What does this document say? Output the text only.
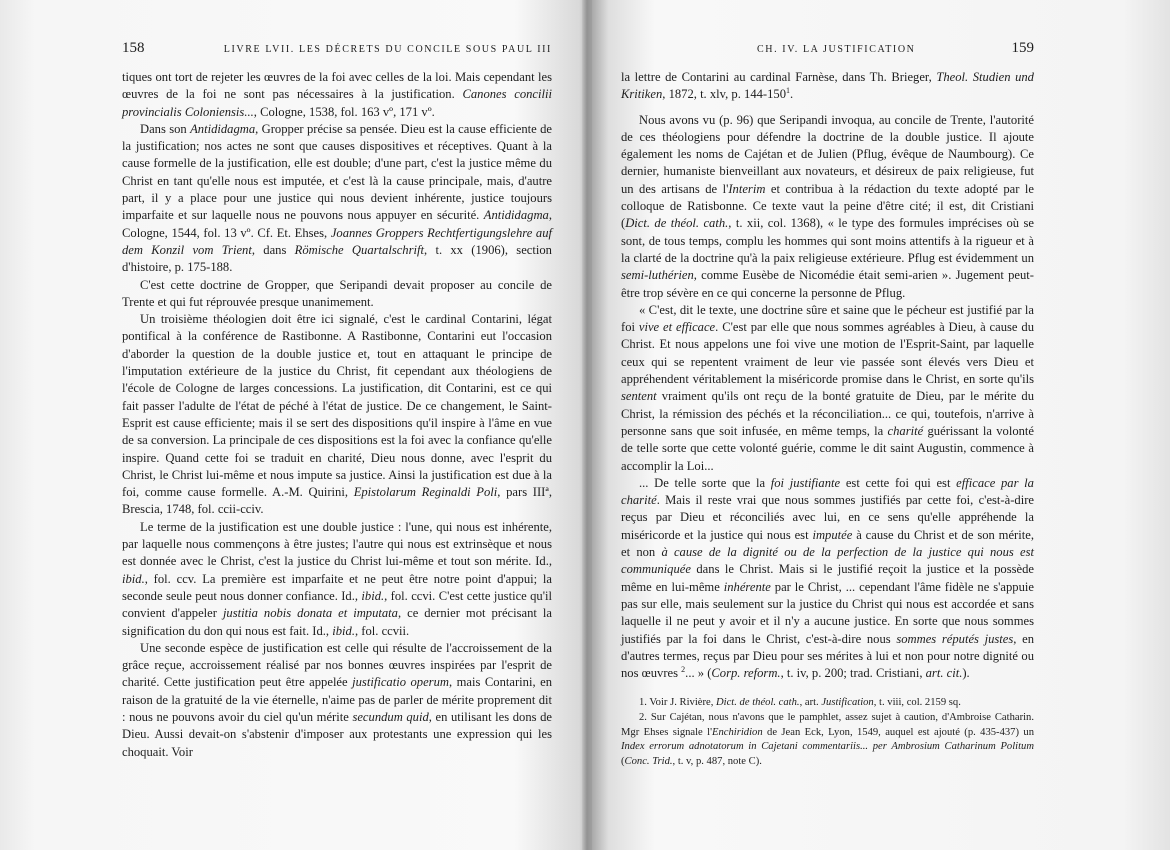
158	LIVRE LVII. LES DÉCRETS DU CONCILE SOUS PAUL III

tiques ont tort de rejeter les œuvres de la foi avec celles de la loi. Mais cependant les œuvres de la foi ne sont pas nécessaires à la justification. Canones concilii provincialis Coloniensis..., Cologne, 1538, fol. 163 vº, 171 vº.

Dans son Antididagma, Gropper précise sa pensée. Dieu est la cause efficiente de la justification; nos actes ne sont que causes dispositives et réceptives. Quant à la cause formelle de la justification, elle est double; d'une part, c'est la justice même du Christ en tant qu'elle nous est imputée, et c'est là la cause principale, mais, d'autre part, il y a place pour une justice qui nous devient inhérente, justice toujours imparfaite et sur laquelle nous ne pouvons nous appuyer en sécurité. Antididagma, Cologne, 1544, fol. 13 vº. Cf. Et. Ehses, Joannes Groppers Rechtfertigungslehre auf dem Konzil vom Trient, dans Römische Quartalschrift, t. xx (1906), section d'histoire, p. 175-188.

C'est cette doctrine de Gropper, que Seripandi devait proposer au concile de Trente et qui fut réprouvée presque unanimement.

Un troisième théologien doit être ici signalé, c'est le cardinal Contarini, légat pontifical à la conférence de Rastibonne. A Rastibonne, Contarini eut l'occasion d'aborder la question de la double justice et, tout en attaquant le principe de l'imputation extérieure de la justice du Christ, fit cependant aux théologiens de l'école de Cologne de larges concessions. La justification, dit Contarini, est ce qui fait passer l'adulte de l'état de péché à l'état de justice. De ce changement, le Saint-Esprit est cause efficiente; mais il se sert des dispositions qu'il inspire à l'âme en vue de sa conversion. La principale de ces dispositions est la foi avec la confiance qu'elle inspire. Quand cette foi se traduit en charité, Dieu nous donne, avec l'esprit du Christ, le Christ lui-même et nous impute sa justice. Ainsi la justification est due à la foi, comme cause formelle. A.-M. Quirini, Epistolarum Reginaldi Poli, pars IIIª, Brescia, 1748, fol. ccii-cciv.

Le terme de la justification est une double justice : l'une, qui nous est inhérente, par laquelle nous commençons à être justes; l'autre qui nous est extrinsèque et nous est donnée avec le Christ, c'est la justice du Christ lui-même et tout son mérite. Id., ibid., fol. ccv. La première est imparfaite et ne peut être notre point d'appui; la seconde seule peut nous donner confiance. Id., ibid., fol. ccvi. C'est cette justice qu'il convient d'appeler justitia nobis donata et imputata, ce dernier mot précisant la signification du don qui nous est fait. Id., ibid., fol. ccvii.

Une seconde espèce de justification est celle qui résulte de l'accroissement de la grâce reçue, accroissement réalisé par nos bonnes œuvres inspirées par l'esprit de charité. Cette justification peut être appelée justificatio operum, mais Contarini, en raison de la gratuité de la vie éternelle, n'aime pas de parler de mérite proprement dit : nous ne pouvons avoir du ciel qu'un mérite secundum quid, en utilisant les dons de Dieu. Aussi devait-on s'abstenir d'imposer aux protestants une expression qui les choquait. Voir

CH. IV. LA JUSTIFICATION	159

la lettre de Contarini au cardinal Farnèse, dans Th. Brieger, Theol. Studien und Kritiken, 1872, t. xlv, p. $144-150^1$.

Nous avons vu (p. 96) que Seripandi invoqua, au concile de Trente, l'autorité de ces théologiens pour défendre la doctrine de la double justice. Il ajoute également les noms de Cajétan et de Julien (Pflug, évêque de Naumbourg). Ce dernier, humaniste bienveillant aux novateurs, et désireux de paix religieuse, fut un des artisans de l'Interim et contribua à la rédaction du texte adopté par le colloque de Ratisbonne. Ce texte vaut la peine d'être cité; il est, dit Cristiani (Dict. de théol. cath., t. xii, col. 1368), « le type des formules imprécises où se sont, de tous temps, complu les hommes qui sont moins attentifs à la rigueur et à la clarté de la doctrine qu'à la paix religieuse extérieure. Pflug est évidemment un semi-luthérien, comme Eusèbe de Nicomédie était semi-arien ». Jugement peut-être trop sévère en ce qui concerne la personne de Pflug.

« C'est, dit le texte, une doctrine sûre et saine que le pécheur est justifié par la foi vive et efficace. C'est par elle que nous sommes agréables à Dieu, à cause du Christ. Et nous appelons une foi vive une motion de l'Esprit-Saint, par laquelle ceux qui se repentent vraiment de leur vie passée sont élevés vers Dieu et appréhendent véritablement la miséricorde promise dans le Christ, en sorte qu'ils sentent vraiment qu'ils ont reçu de la bonté gratuite de Dieu, par le mérite du Christ, la rémission des péchés et la réconciliation... ce qui, toutefois, n'arrive à personne sans que soit infusée, en même temps, la charité guérissant la volonté de telle sorte que cette volonté guérie, comme le dit saint Augustin, commence à accomplir la Loi...

... De telle sorte que la foi justifiante est cette foi qui est efficace par la charité. Mais il reste vrai que nous sommes justifiés par cette foi, c'est-à-dire reçus par Dieu et réconciliés avec lui, en ce sens qu'elle appréhende la miséricorde et la justice qui nous est imputée à cause du Christ et de son mérite, et non à cause de la dignité ou de la perfection de la justice qui nous est communiquée dans le Christ. Mais si le justifié reçoit la justice et la possède même en lui-même inhérente par le Christ, ... cependant l'âme fidèle ne s'appuie pas sur elle, mais seulement sur la justice du Christ qui nous est accordée et sans laquelle il ne peut y avoir et il n'y a aucune justice. En sorte que nous sommes justifiés par la foi dans le Christ, c'est-à-dire nous sommes réputés justes, en d'autres termes, reçus par Dieu pour ses mérites à lui et non pour notre dignité ou nos œuvres $^2$... » (Corp. reform., t. iv, p. 200; trad. Cristiani, art. cit.).

1. Voir J. Rivière, Dict. de théol. cath., art. Justification, t. viii, col. 2159 sq.

2. Sur Cajétan, nous n'avons que le pamphlet, assez sujet à caution, d'Ambroise Catharin. Mgr Ehses signale l'Enchiridion de Jean Eck, Lyon, 1549, auquel est ajouté (p. 435-437) un Index errorum adnotatorum in Cajetani commentariis... per Ambrosium Catharinum Politum (Conc. Trid., t. v, p. 487, note C).
